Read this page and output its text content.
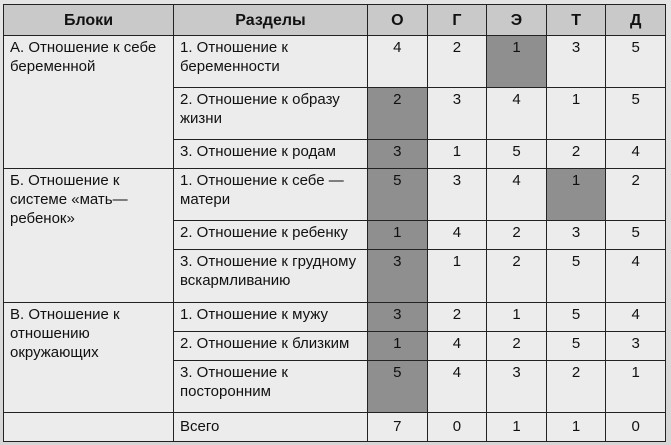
Блоки	Разделы	О	Г	Э	Т	Д
А. Отношение к себе беременной	1. Отношение к беременности	4	2	1	3	5
	2. Отношение к образу жизни	2	3	4	1	5
	3. Отношение к родам	3	1	5	2	4
Б. Отношение к системе «мать—ребенок»	1. Отношение к себе — матери	5	3	4	1	2
	2. Отношение к ребенку	1	4	2	3	5
	3. Отношение к грудному вскармливанию	3	1	2	5	4
В. Отношение к отношению окружающих	1. Отношение к мужу	3	2	1	5	4
	2. Отношение к близким	1	4	2	5	3
	3. Отношение к посторонним	5	4	3	2	1
	Всего	7	0	1	1	0
